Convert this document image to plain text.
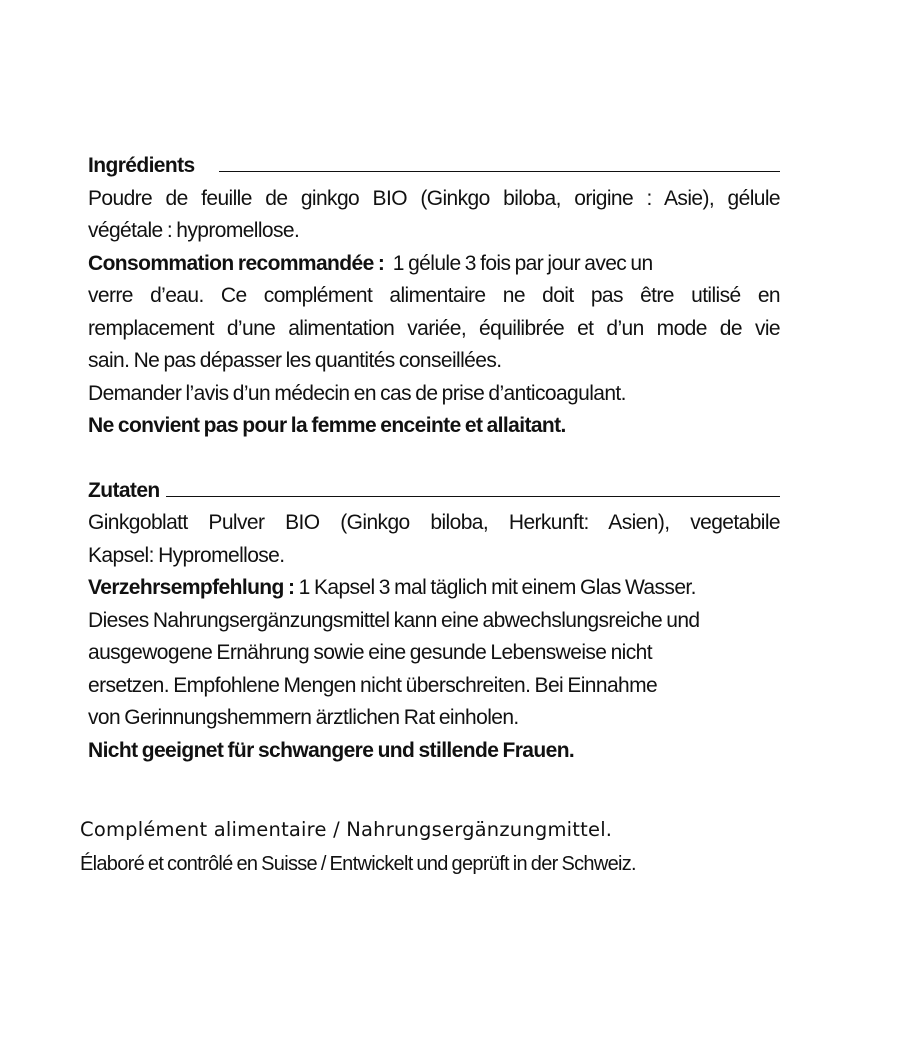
Ingrédients
Poudre de feuille de ginkgo BIO (Ginkgo biloba, origine : Asie), gélule
végétale : hypromellose.
Consommation recommandée : 1 gélule 3 fois par jour avec un
verre d’eau. Ce complément alimentaire ne doit pas être utilisé en
remplacement d’une alimentation variée, équilibrée et d’un mode de vie
sain. Ne pas dépasser les quantités conseillées.
Demander l’avis d’un médecin en cas de prise d’anticoagulant.
Ne convient pas pour la femme enceinte et allaitant.
Zutaten
Ginkgoblatt Pulver BIO (Ginkgo biloba, Herkunft: Asien), vegetabile
Kapsel: Hypromellose.
Verzehrsempfehlung : 1 Kapsel 3 mal täglich mit einem Glas Wasser.
Dieses Nahrungsergänzungsmittel kann eine abwechslungsreiche und
ausgewogene Ernährung sowie eine gesunde Lebensweise nicht
ersetzen. Empfohlene Mengen nicht überschreiten. Bei Einnahme
von Gerinnungshemmern ärztlichen Rat einholen.
Nicht geeignet für schwangere und stillende Frauen.
Complément alimentaire / Nahrungsergänzungmittel.
Élaboré et contrôlé en Suisse / Entwickelt und geprüft in der Schweiz.
